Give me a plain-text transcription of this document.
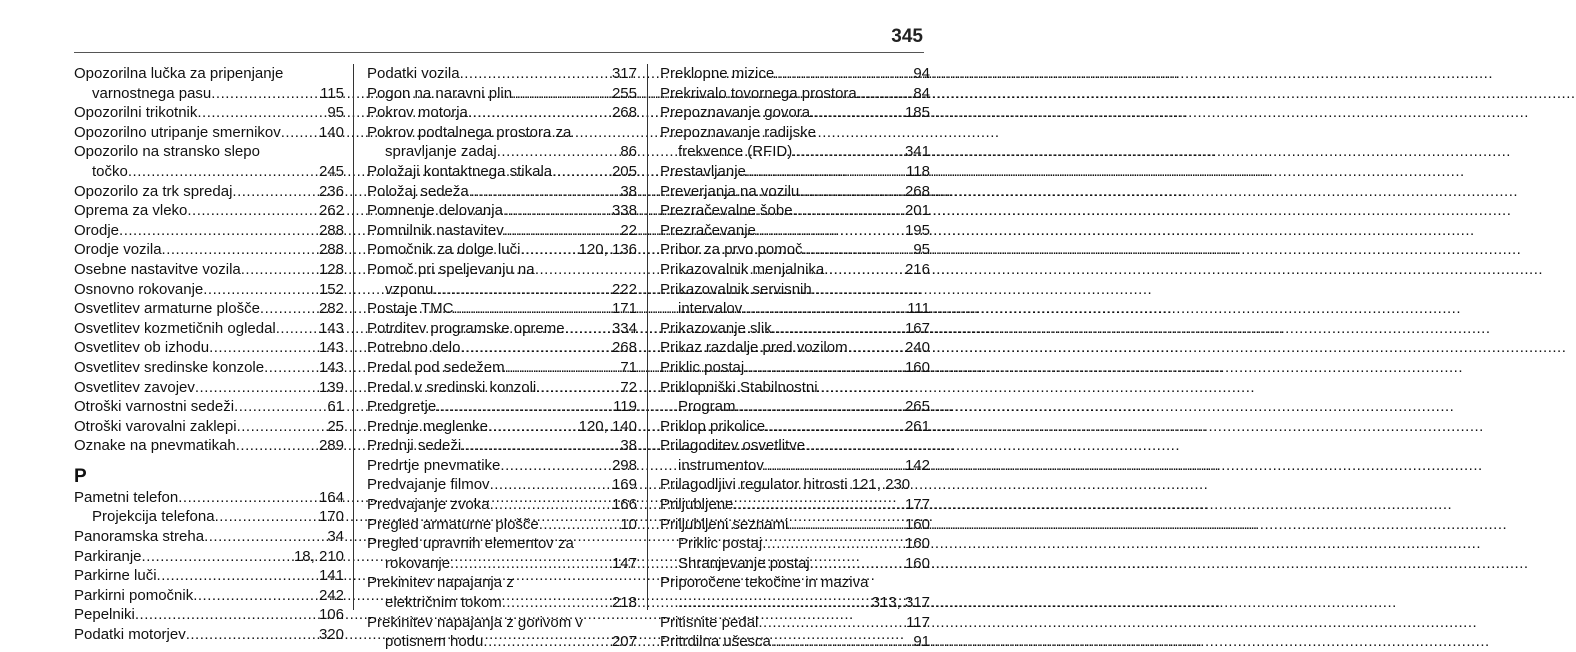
345
Opozorilna lučka za pripenjanje
varnostnega pasu .....	115
Opozorilni trikotnik .....	95
Opozorilno utripanje smernikov .....	140
Opozorilo na stransko slepo
točko .....	245
Opozorilo za trk spredaj .....	236
Oprema za vleko .....	262
Orodje .....	288
Orodje vozila .....	288
Osebne nastavitve vozila .....	128
Osnovno rokovanje .....	152
Osvetlitev armaturne plošče .....	282
Osvetlitev kozmetičnih ogledal .....	143
Osvetlitev ob izhodu .....	143
Osvetlitev sredinske konzole .....	143
Osvetlitev zavojev .....	139
Otroški varnostni sedeži .....	61
Otroški varovalni zaklepi .....	25
Oznake na pnevmatikah .....	289
P
Pametni telefon .....	164
Projekcija telefona .....	170
Panoramska streha .....	34
Parkiranje .....	18, 210
Parkirne luči .....	141
Parkirni pomočnik .....	242
Pepelniki .....	106
Podatki motorjev .....	320
Podatki vozila .....	317
Pogon na naravni plin .....	255
Pokrov motorja .....	268
Pokrov podtalnega prostora za
spravljanje zadaj .....	86
Položaji kontaktnega stikala .....	205
Položaj sedeža .....	38
Pomnenje delovanja .....	338
Pomnilnik nastavitev .....	22
Pomočnik za dolge luči .....	120, 136
Pomoč pri speljevanju na
vzponu .....	222
Postaje TMC .....	171
Potrditev programske opreme .....	334
Potrebno delo .....	268
Predal pod sedežem .....	71
Predal v sredinski konzoli .....	72
Predgretje .....	119
Prednje meglenke .....	120, 140
Prednji sedeži .....	38
Predrtje pnevmatike .....	298
Predvajanje filmov .....	169
Predvajanje zvoka .....	166
Pregled armaturne plošče .....	10
Pregled upravnih elementov za
rokovanje .....	147
Prekinitev napajanja z
električnim tokom .....	218
Prekinitev napajanja z gorivom v
potisnem hodu .....	207
Preklopne mizice .....	94
Prekrivalo tovornega prostora .....	84
Prepoznavanje govora .....	185
Prepoznavanje radijske
frekvence (RFID) .....	341
Prestavljanje .....	118
Preverjanja na vozilu .....	268
Prezračevalne šobe .....	201
Prezračevanje .....	195
Pribor za prvo pomoč .....	95
Prikazovalnik menjalnika .....	216
Prikazovalnik servisnih
intervalov .....	111
Prikazovanje slik .....	167
Prikaz razdalje pred vozilom .....	240
Priklic postaj .....	160
Priklopniški Stabilnostni
Program .....	265
Priklop prikolice .....	261
Prilagoditev osvetlitve
instrumentov .....	142
Prilagodljivi regulator hitrosti 121, 230
Priljubljene .....	177
Priljubljeni seznami .....	160
Priklic postaj .....	160
Shranjevanje postaj .....	160
Priporočene tekočine in maziva
.....
313, 317
Pritisnite pedal .....	117
Pritrdilna ušesca .....	91
